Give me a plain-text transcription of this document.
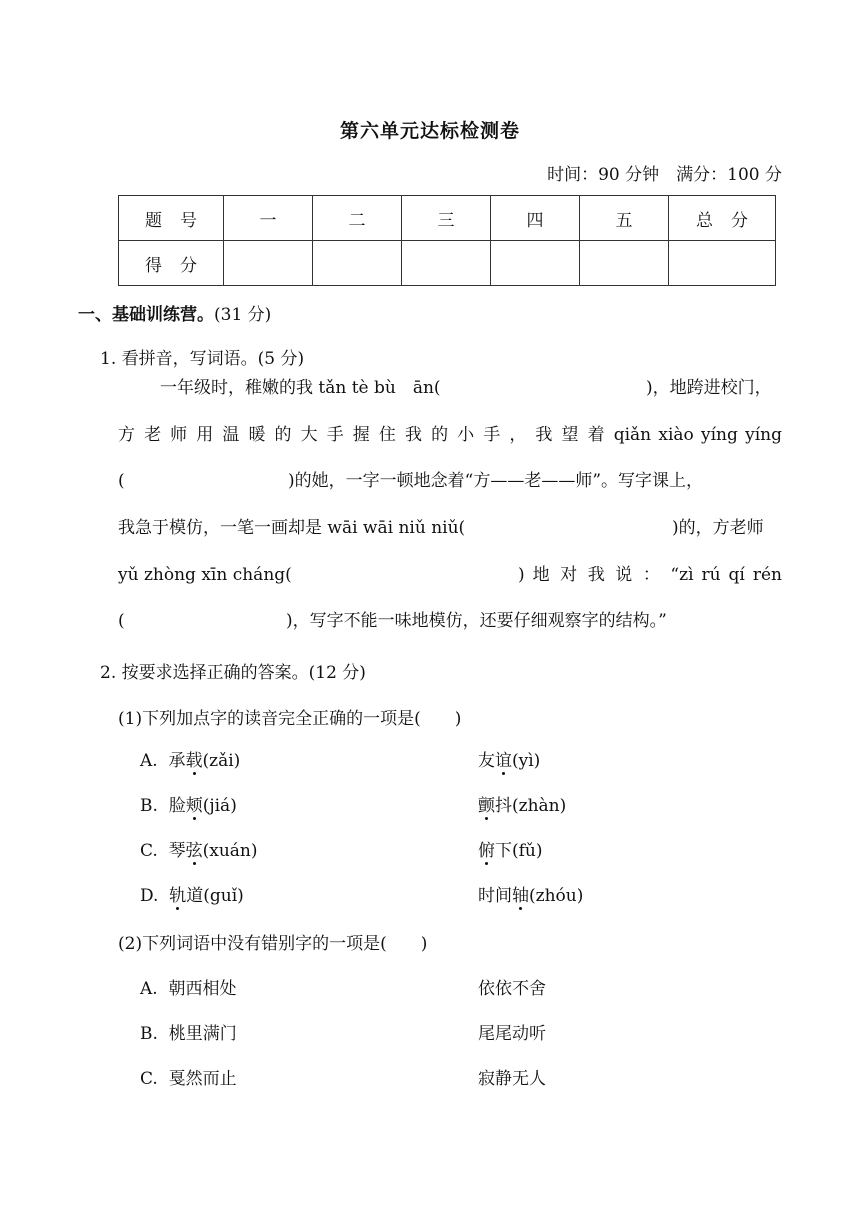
第六单元达标检测卷
时间：90 分钟　满分：100 分
题号	一	二	三	四	五	总分
得分						
一、基础训练营。(31 分)
1. 看拼音，写词语。(5 分)
一年级时，稚嫩的我 tǎn tè bù　ān(	)，地跨进校门，
方 老 师 用 温 暖 的 大 手 握 住 我 的 小 手 ， 我 望 着 qiǎn xiào yíng yíng
(	)的她，一字一顿地念着“方——老——师”。写字课上，
我急于模仿，一笔一画却是 wāi wāi niǔ niǔ(	)的，方老师
yǔ zhòng xīn cháng(	) 地 对 我 说 ： “zì rú qí rén
(	)，写字不能一味地模仿，还要仔细观察字的结构。”
2. 按要求选择正确的答案。(12 分)
(1)下列加点字的读音完全正确的一项是(　　)
A. 承载(zǎi)	友谊(yì)
B. 脸颊(jiá)	颤抖(zhàn)
C. 琴弦(xuán)	俯下(fǔ)
D. 轨道(guǐ)	时间轴(zhóu)
(2)下列词语中没有错别字的一项是(　　)
A. 朝西相处	依依不舍
B. 桃里满门	尾尾动听
C. 戛然而止	寂静无人
